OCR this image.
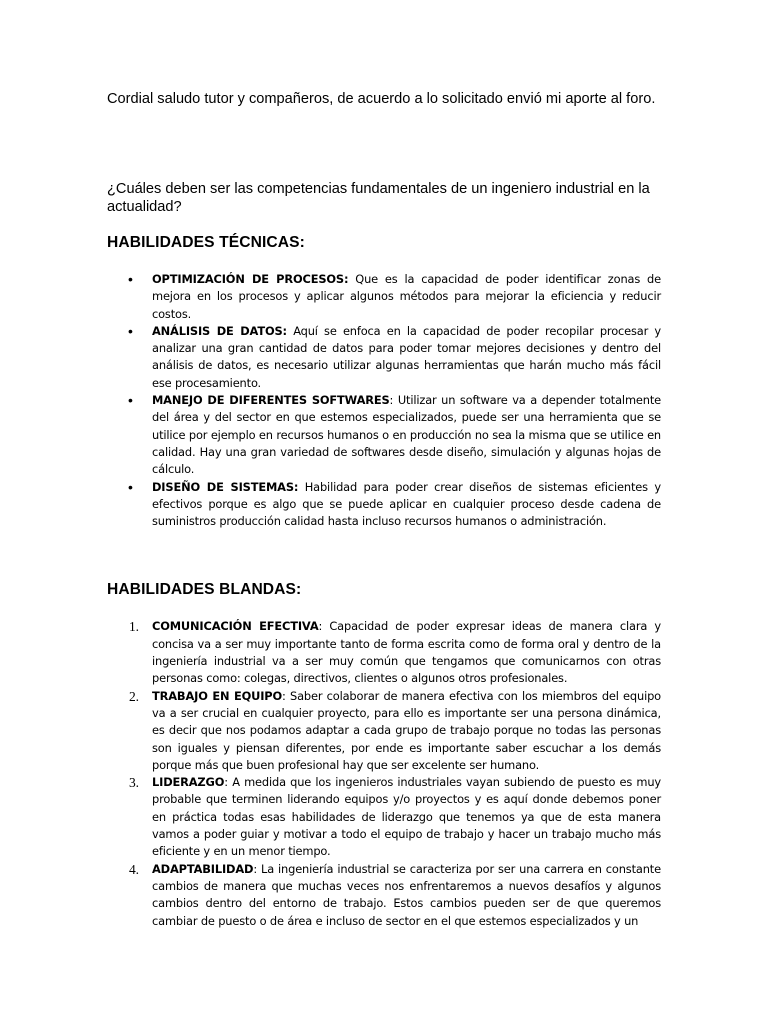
Cordial saludo tutor y compañeros, de acuerdo a lo solicitado envió mi aporte al foro.

¿Cuáles deben ser las competencias fundamentales de un ingeniero industrial en la actualidad?

HABILIDADES TÉCNICAS:
• OPTIMIZACIÓN DE PROCESOS: Que es la capacidad de poder identificar zonas de mejora en los procesos y aplicar algunos métodos para mejorar la eficiencia y reducir costos.
• ANÁLISIS DE DATOS: Aquí se enfoca en la capacidad de poder recopilar procesar y analizar una gran cantidad de datos para poder tomar mejores decisiones y dentro del análisis de datos, es necesario utilizar algunas herramientas que harán mucho más fácil ese procesamiento.
• MANEJO DE DIFERENTES SOFTWARES: Utilizar un software va a depender totalmente del área y del sector en que estemos especializados, puede ser una herramienta que se utilice por ejemplo en recursos humanos o en producción no sea la misma que se utilice en calidad. Hay una gran variedad de softwares desde diseño, simulación y algunas hojas de cálculo.
• DISEÑO DE SISTEMAS: Habilidad para poder crear diseños de sistemas eficientes y efectivos porque es algo que se puede aplicar en cualquier proceso desde cadena de suministros producción calidad hasta incluso recursos humanos o administración.
HABILIDADES BLANDAS:
1. COMUNICACIÓN EFECTIVA: Capacidad de poder expresar ideas de manera clara y concisa va a ser muy importante tanto de forma escrita como de forma oral y dentro de la ingeniería industrial va a ser muy común que tengamos que comunicarnos con otras personas como: colegas, directivos, clientes o algunos otros profesionales.
2. TRABAJO EN EQUIPO: Saber colaborar de manera efectiva con los miembros del equipo va a ser crucial en cualquier proyecto, para ello es importante ser una persona dinámica, es decir que nos podamos adaptar a cada grupo de trabajo porque no todas las personas son iguales y piensan diferentes, por ende es importante saber escuchar a los demás porque más que buen profesional hay que ser excelente ser humano.
3. LIDERAZGO: A medida que los ingenieros industriales vayan subiendo de puesto es muy probable que terminen liderando equipos y/o proyectos y es aquí donde debemos poner en práctica todas esas habilidades de liderazgo que tenemos ya que de esta manera vamos a poder guiar y motivar a todo el equipo de trabajo y hacer un trabajo mucho más eficiente y en un menor tiempo.
4. ADAPTABILIDAD: La ingeniería industrial se caracteriza por ser una carrera en constante cambios de manera que muchas veces nos enfrentaremos a nuevos desafíos y algunos cambios dentro del entorno de trabajo. Estos cambios pueden ser de que queremos cambiar de puesto o de área e incluso de sector en el que estemos especializados y un
